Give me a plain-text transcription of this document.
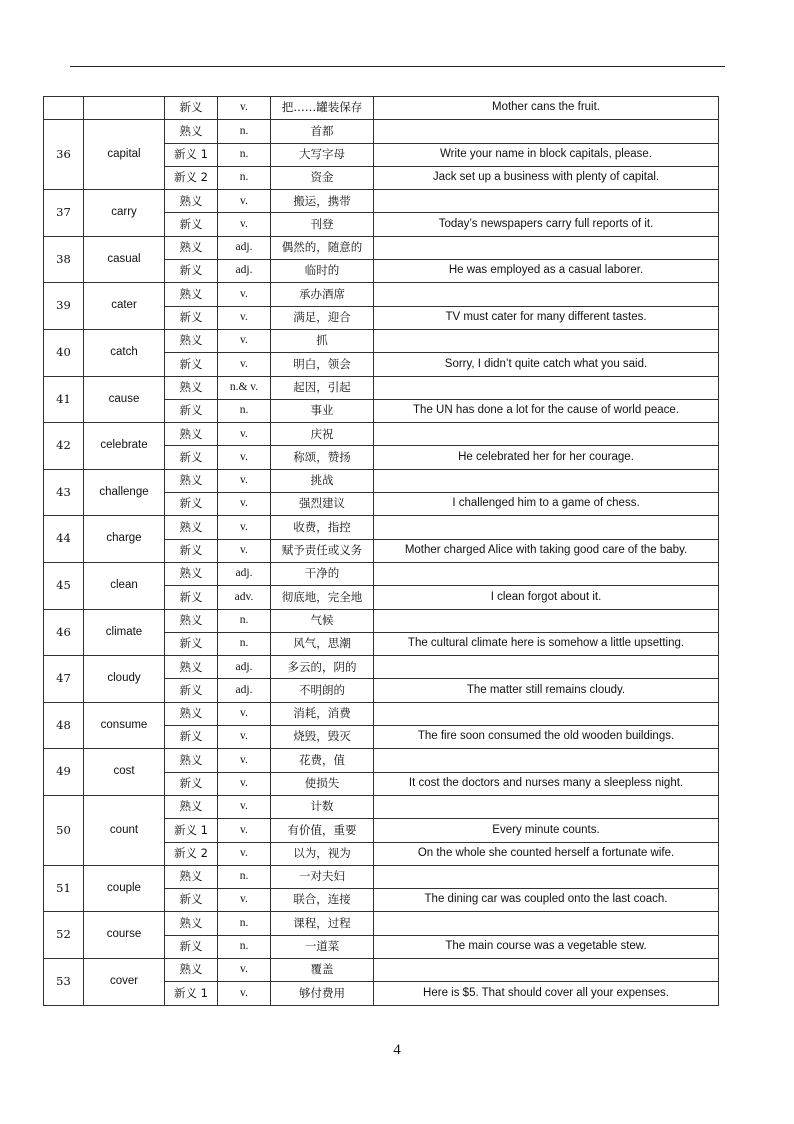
		新义	v.	把……罐装保存	Mother cans the fruit.
36	capital	熟义	n.	首都	
		新义 1	n.	大写字母	Write your name in block capitals, please.
		新义 2	n.	资金	Jack set up a business with plenty of capital.
37	carry	熟义	v.	搬运，携带	
		新义	v.	刊登	Today’s newspapers carry full reports of it.
38	casual	熟义	adj.	偶然的，随意的	
		新义	adj.	临时的	He was employed as a casual laborer.
39	cater	熟义	v.	承办酒席	
		新义	v.	满足，迎合	TV must cater for many different tastes.
40	catch	熟义	v.	抓	
		新义	v.	明白，领会	Sorry, I didn’t quite catch what you said.
41	cause	熟义	n.& v.	起因，引起	
		新义	n.	事业	The UN has done a lot for the cause of world peace.
42	celebrate	熟义	v.	庆祝	
		新义	v.	称颂，赞扬	He celebrated her for her courage.
43	challenge	熟义	v.	挑战	
		新义	v.	强烈建议	I challenged him to a game of chess.
44	charge	熟义	v.	收费，指控	
		新义	v.	赋予责任或义务	Mother charged Alice with taking good care of the baby.
45	clean	熟义	adj.	干净的	
		新义	adv.	彻底地，完全地	I clean forgot about it.
46	climate	熟义	n.	气候	
		新义	n.	风气，思潮	The cultural climate here is somehow a little upsetting.
47	cloudy	熟义	adj.	多云的，阴的	
		新义	adj.	不明朗的	The matter still remains cloudy.
48	consume	熟义	v.	消耗，消费	
		新义	v.	烧毁，毁灭	The fire soon consumed the old wooden buildings.
49	cost	熟义	v.	花费，值	
		新义	v.	使损失	It cost the doctors and nurses many a sleepless night.
50	count	熟义	v.	计数	
		新义 1	v.	有价值，重要	Every minute counts.
		新义 2	v.	以为，视为	On the whole she counted herself a fortunate wife.
51	couple	熟义	n.	一对夫妇	
		新义	v.	联合，连接	The dining car was coupled onto the last coach.
52	course	熟义	n.	课程，过程	
		新义	n.	一道菜	The main course was a vegetable stew.
53	cover	熟义	v.	覆盖	
		新义 1	v.	够付费用	Here is $5. That should cover all your expenses.
4
